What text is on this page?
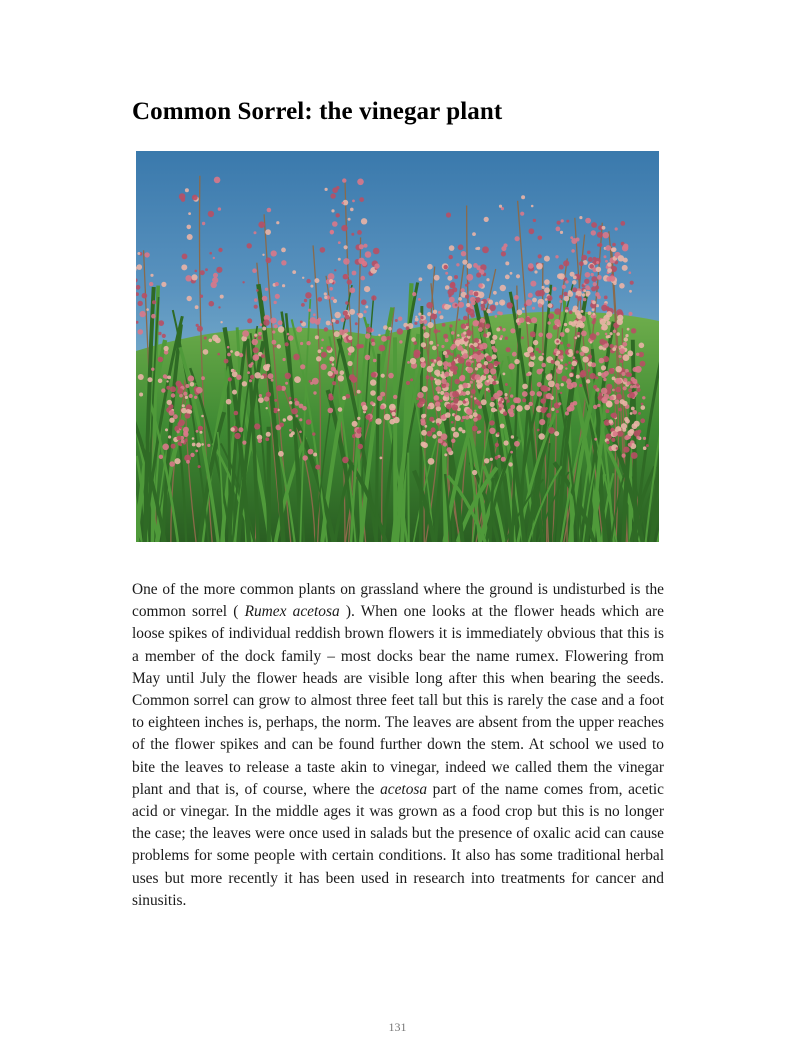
Common Sorrel: the vinegar plant

One of the more common plants on grassland where the ground is undisturbed is the common sorrel ( Rumex acetosa ). When one looks at the flower heads which are loose spikes of individual reddish brown flowers it is immediately obvious that this is a member of the dock family – most docks bear the name rumex. Flowering from May until July the flower heads are visible long after this when bearing the seeds. Common sorrel can grow to almost three feet tall but this is rarely the case and a foot to eighteen inches is, perhaps, the norm. The leaves are absent from the upper reaches of the flower spikes and can be found further down the stem. At school we used to bite the leaves to release a taste akin to vinegar, indeed we called them the vinegar plant and that is, of course, where the acetosa part of the name comes from, acetic acid or vinegar. In the middle ages it was grown as a food crop but this is no longer the case; the leaves were once used in salads but the presence of oxalic acid can cause problems for some people with certain conditions. It also has some traditional herbal uses but more recently it has been used in research into treatments for cancer and sinusitis.

131
